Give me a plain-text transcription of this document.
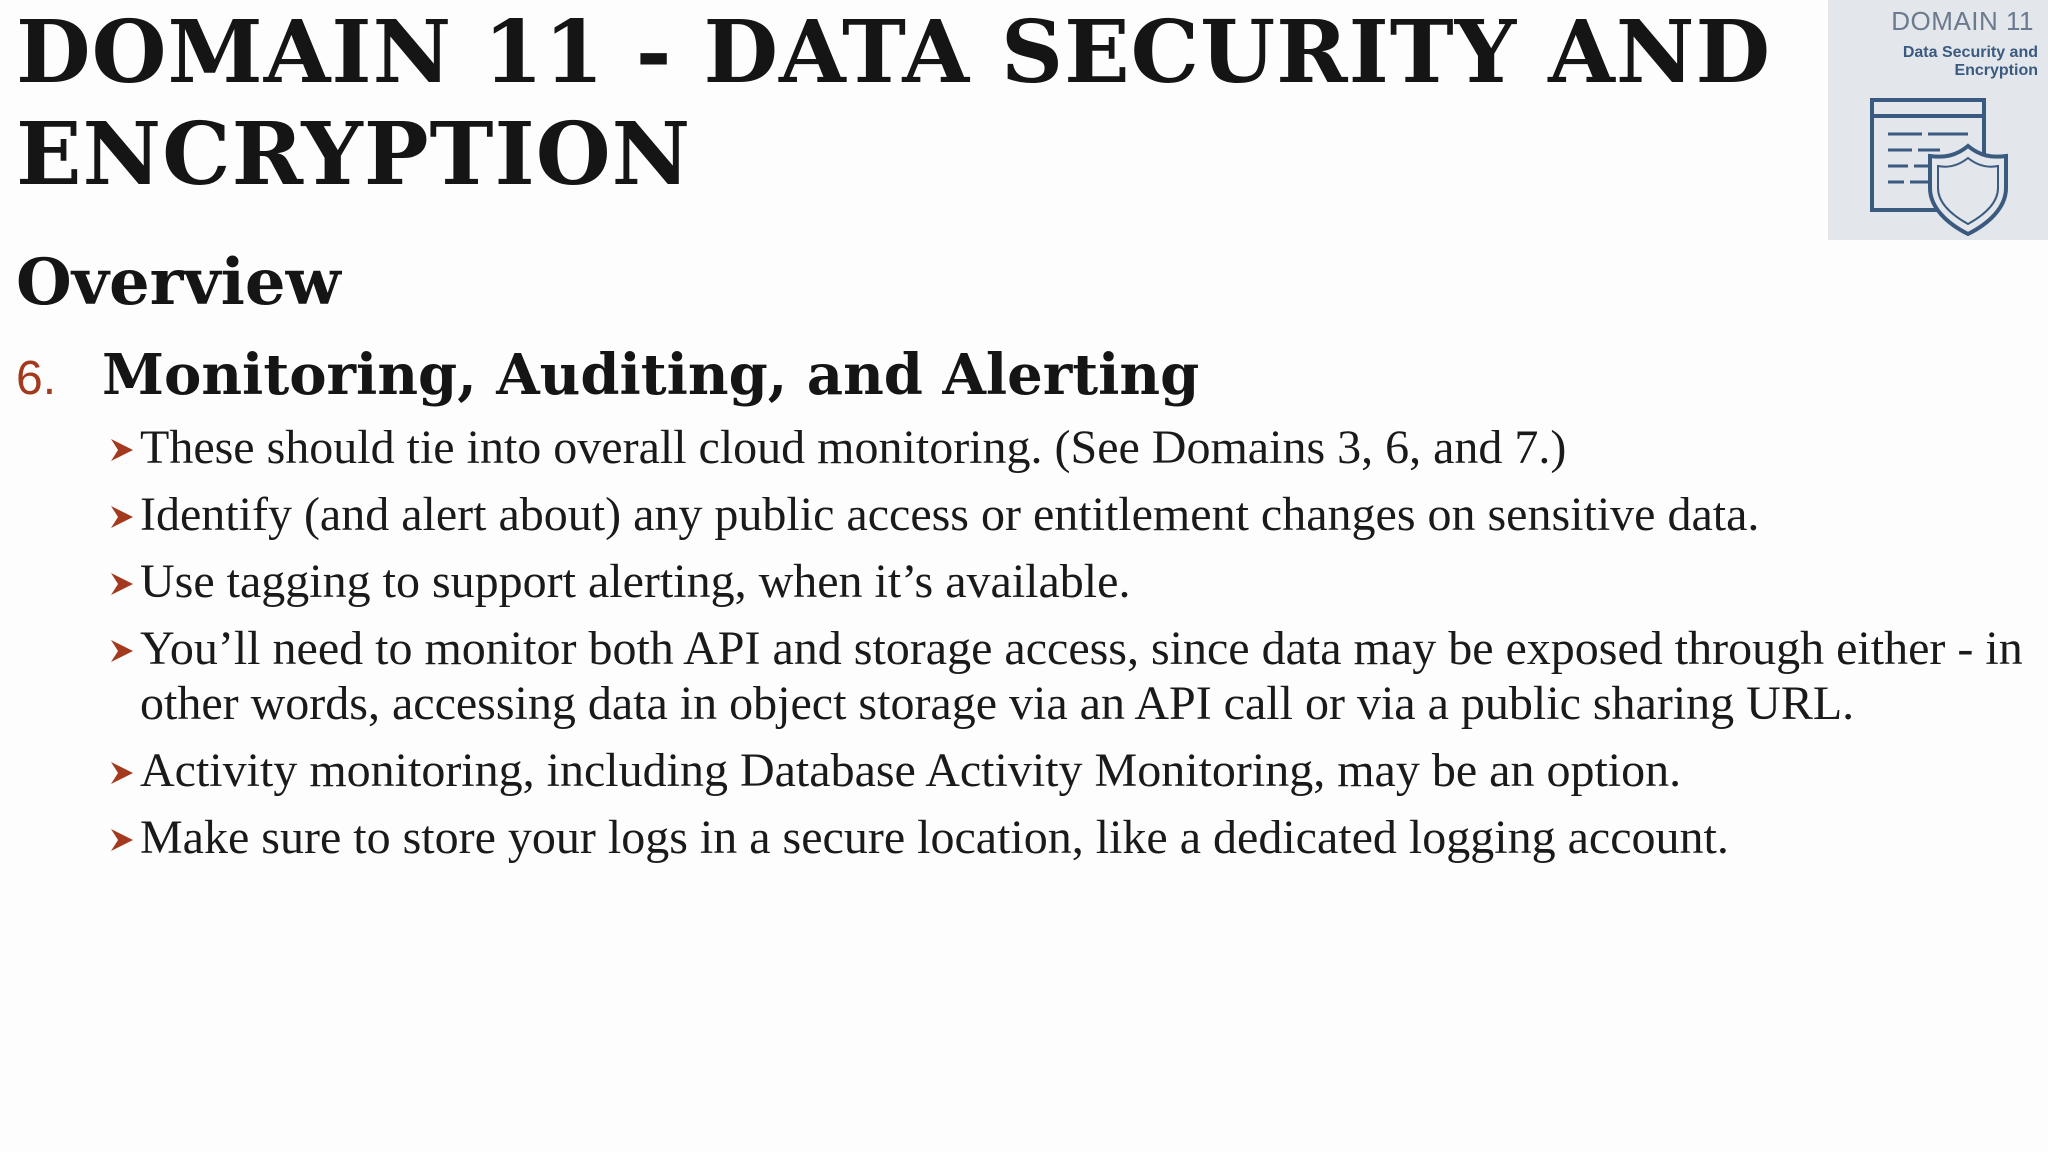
DOMAIN 11 - DATA SECURITY AND ENCRYPTION
Overview
6. Monitoring, Auditing, and Alerting
These should tie into overall cloud monitoring. (See Domains 3, 6, and 7.)
Identify (and alert about) any public access or entitlement changes on sensitive data.
Use tagging to support alerting, when it’s available.
You’ll need to monitor both API and storage access, since data may be exposed through either - in other words, accessing data in object storage via an API call or via a public sharing URL.
Activity monitoring, including Database Activity Monitoring, may be an option.
Make sure to store your logs in a secure location, like a dedicated logging account.
DOMAIN 11
Data Security and Encryption
